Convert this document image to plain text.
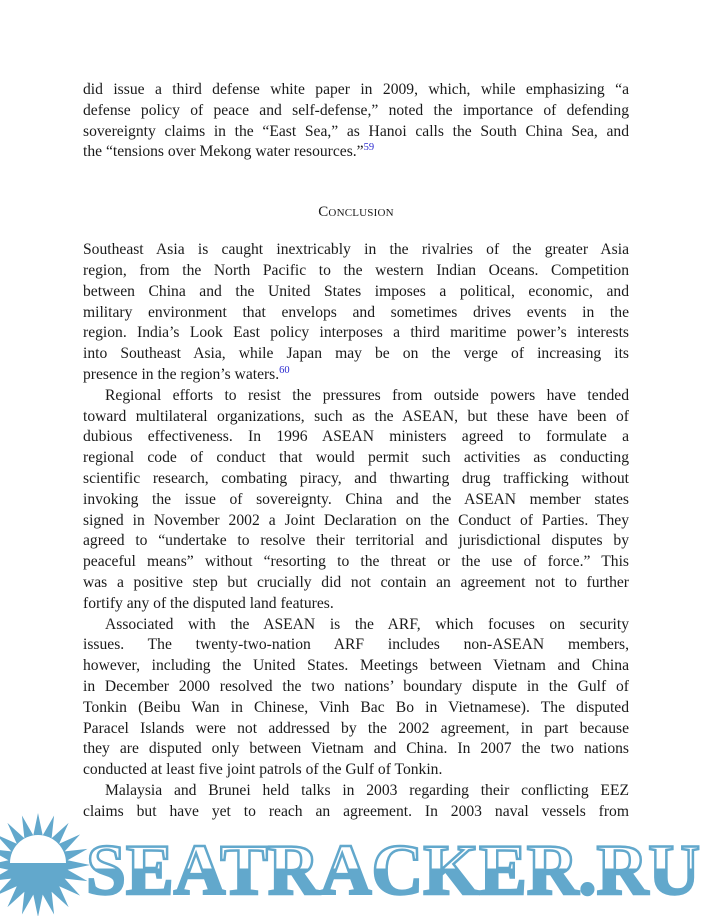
did issue a third defense white paper in 2009, which, while emphasizing “a
defense policy of peace and self-defense,” noted the importance of defending
sovereignty claims in the “East Sea,” as Hanoi calls the South China Sea, and
the “tensions over Mekong water resources.”$^{59}$
Conclusion
Southeast Asia is caught inextricably in the rivalries of the greater Asia
region, from the North Pacific to the western Indian Oceans. Competition
between China and the United States imposes a political, economic, and
military environment that envelops and sometimes drives events in the
region. India’s Look East policy interposes a third maritime power’s interests
into Southeast Asia, while Japan may be on the verge of increasing its
presence in the region’s waters.$^{60}$
Regional efforts to resist the pressures from outside powers have tended
toward multilateral organizations, such as the ASEAN, but these have been of
dubious effectiveness. In 1996 ASEAN ministers agreed to formulate a
regional code of conduct that would permit such activities as conducting
scientific research, combating piracy, and thwarting drug trafficking without
invoking the issue of sovereignty. China and the ASEAN member states
signed in November 2002 a Joint Declaration on the Conduct of Parties. They
agreed to “undertake to resolve their territorial and jurisdictional disputes by
peaceful means” without “resorting to the threat or the use of force.” This
was a positive step but crucially did not contain an agreement not to further
fortify any of the disputed land features.
Associated with the ASEAN is the ARF, which focuses on security
issues. The twenty-two-nation ARF includes non-ASEAN members,
however, including the United States. Meetings between Vietnam and China
in December 2000 resolved the two nations’ boundary dispute in the Gulf of
Tonkin (Beibu Wan in Chinese, Vinh Bac Bo in Vietnamese). The disputed
Paracel Islands were not addressed by the 2002 agreement, in part because
they are disputed only between Vietnam and China. In 2007 the two nations
conducted at least five joint patrols of the Gulf of Tonkin.
Malaysia and Brunei held talks in 2003 regarding their conflicting EEZ
claims but have yet to reach an agreement. In 2003 naval vessels from
SEATRACKER.RU
